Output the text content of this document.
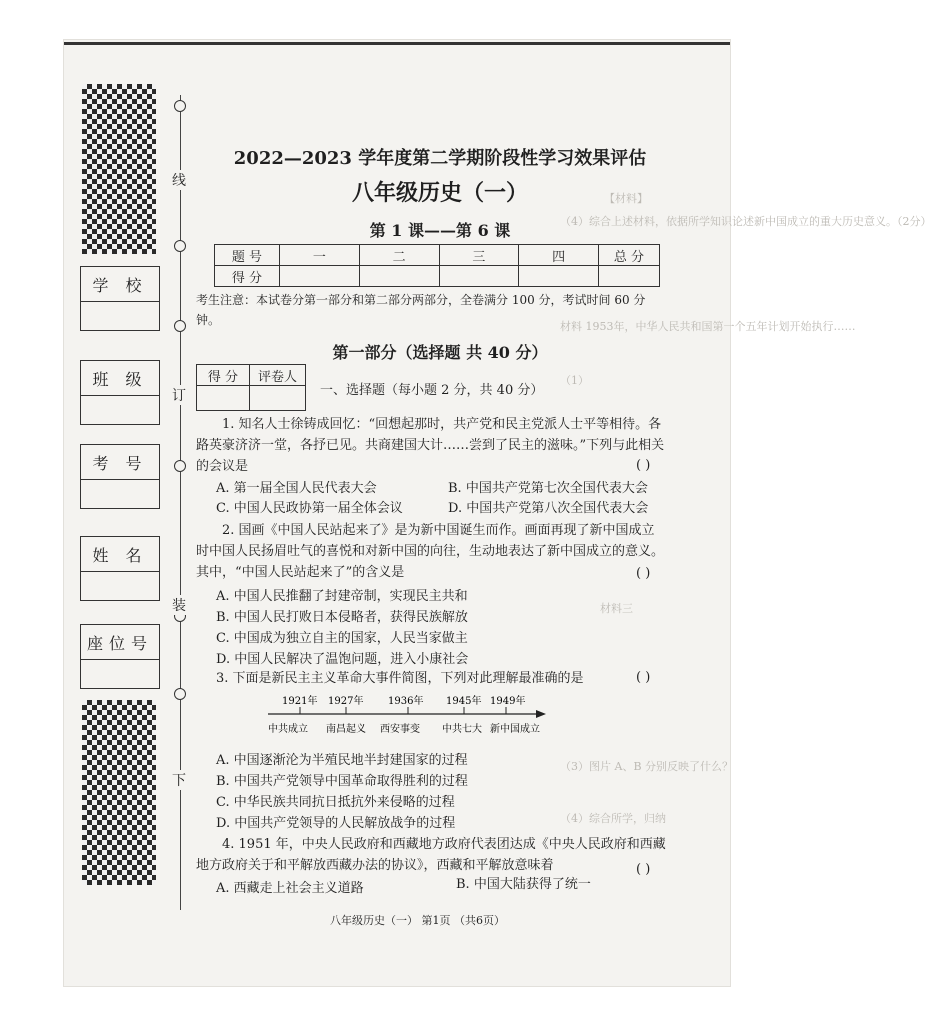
【材料】
（4）综合上述材料，依据所学知识论述新中国成立的重大历史意义。（2分）
材料 1953年，中华人民共和国第一个五年计划开始执行……
（1）
材料三
（3）图片 A、B 分别反映了什么？
（4）综合所学，归纳
学 校
班 级
考 号
姓 名
座位号
线
订
装
下
2022—2023 学年度第二学期阶段性学习效果评估
八年级历史（一）
第 1 课——第 6 课
题 号	一	二	三	四	总 分
得 分					
考生注意：本试卷分第一部分和第二部分两部分，全卷满分 100 分，考试时间 60 分钟。
第一部分（选择题 共 40 分）
得 分	评卷人

一、选择题（每小题 2 分，共 40 分）
1. 知名人士徐铸成回忆：“回想起那时，共产党和民主党派人士平等相待。各路英豪济济一堂，各抒已见。共商建国大计……尝到了民主的滋味。”下列与此相关的会议是	( )
A. 第一届全国人民代表大会	B. 中国共产党第七次全国代表大会
C. 中国人民政协第一届全体会议	D. 中国共产党第八次全国代表大会
2. 国画《中国人民站起来了》是为新中国诞生而作。画面再现了新中国成立时中国人民扬眉吐气的喜悦和对新中国的向往，生动地表达了新中国成立的意义。其中，“中国人民站起来了”的含义是	( )
A. 中国人民推翻了封建帝制，实现民主共和
B. 中国人民打败日本侵略者，获得民族解放
C. 中国成为独立自主的国家，人民当家做主
D. 中国人民解决了温饱问题，进入小康社会
3. 下面是新民主主义革命大事件简图，下列对此理解最准确的是	( )
1921年 1927年 1936年 1945年 1949年
中共成立 南昌起义 西安事变 中共七大 新中国成立
A. 中国逐渐沦为半殖民地半封建国家的过程
B. 中国共产党领导中国革命取得胜利的过程
C. 中华民族共同抗日抵抗外来侵略的过程
D. 中国共产党领导的人民解放战争的过程
4. 1951 年，中央人民政府和西藏地方政府代表团达成《中央人民政府和西藏地方政府关于和平解放西藏办法的协议》，西藏和平解放意味着	( )
A. 西藏走上社会主义道路	B. 中国大陆获得了统一
八年级历史（一） 第1页 （共6页）
